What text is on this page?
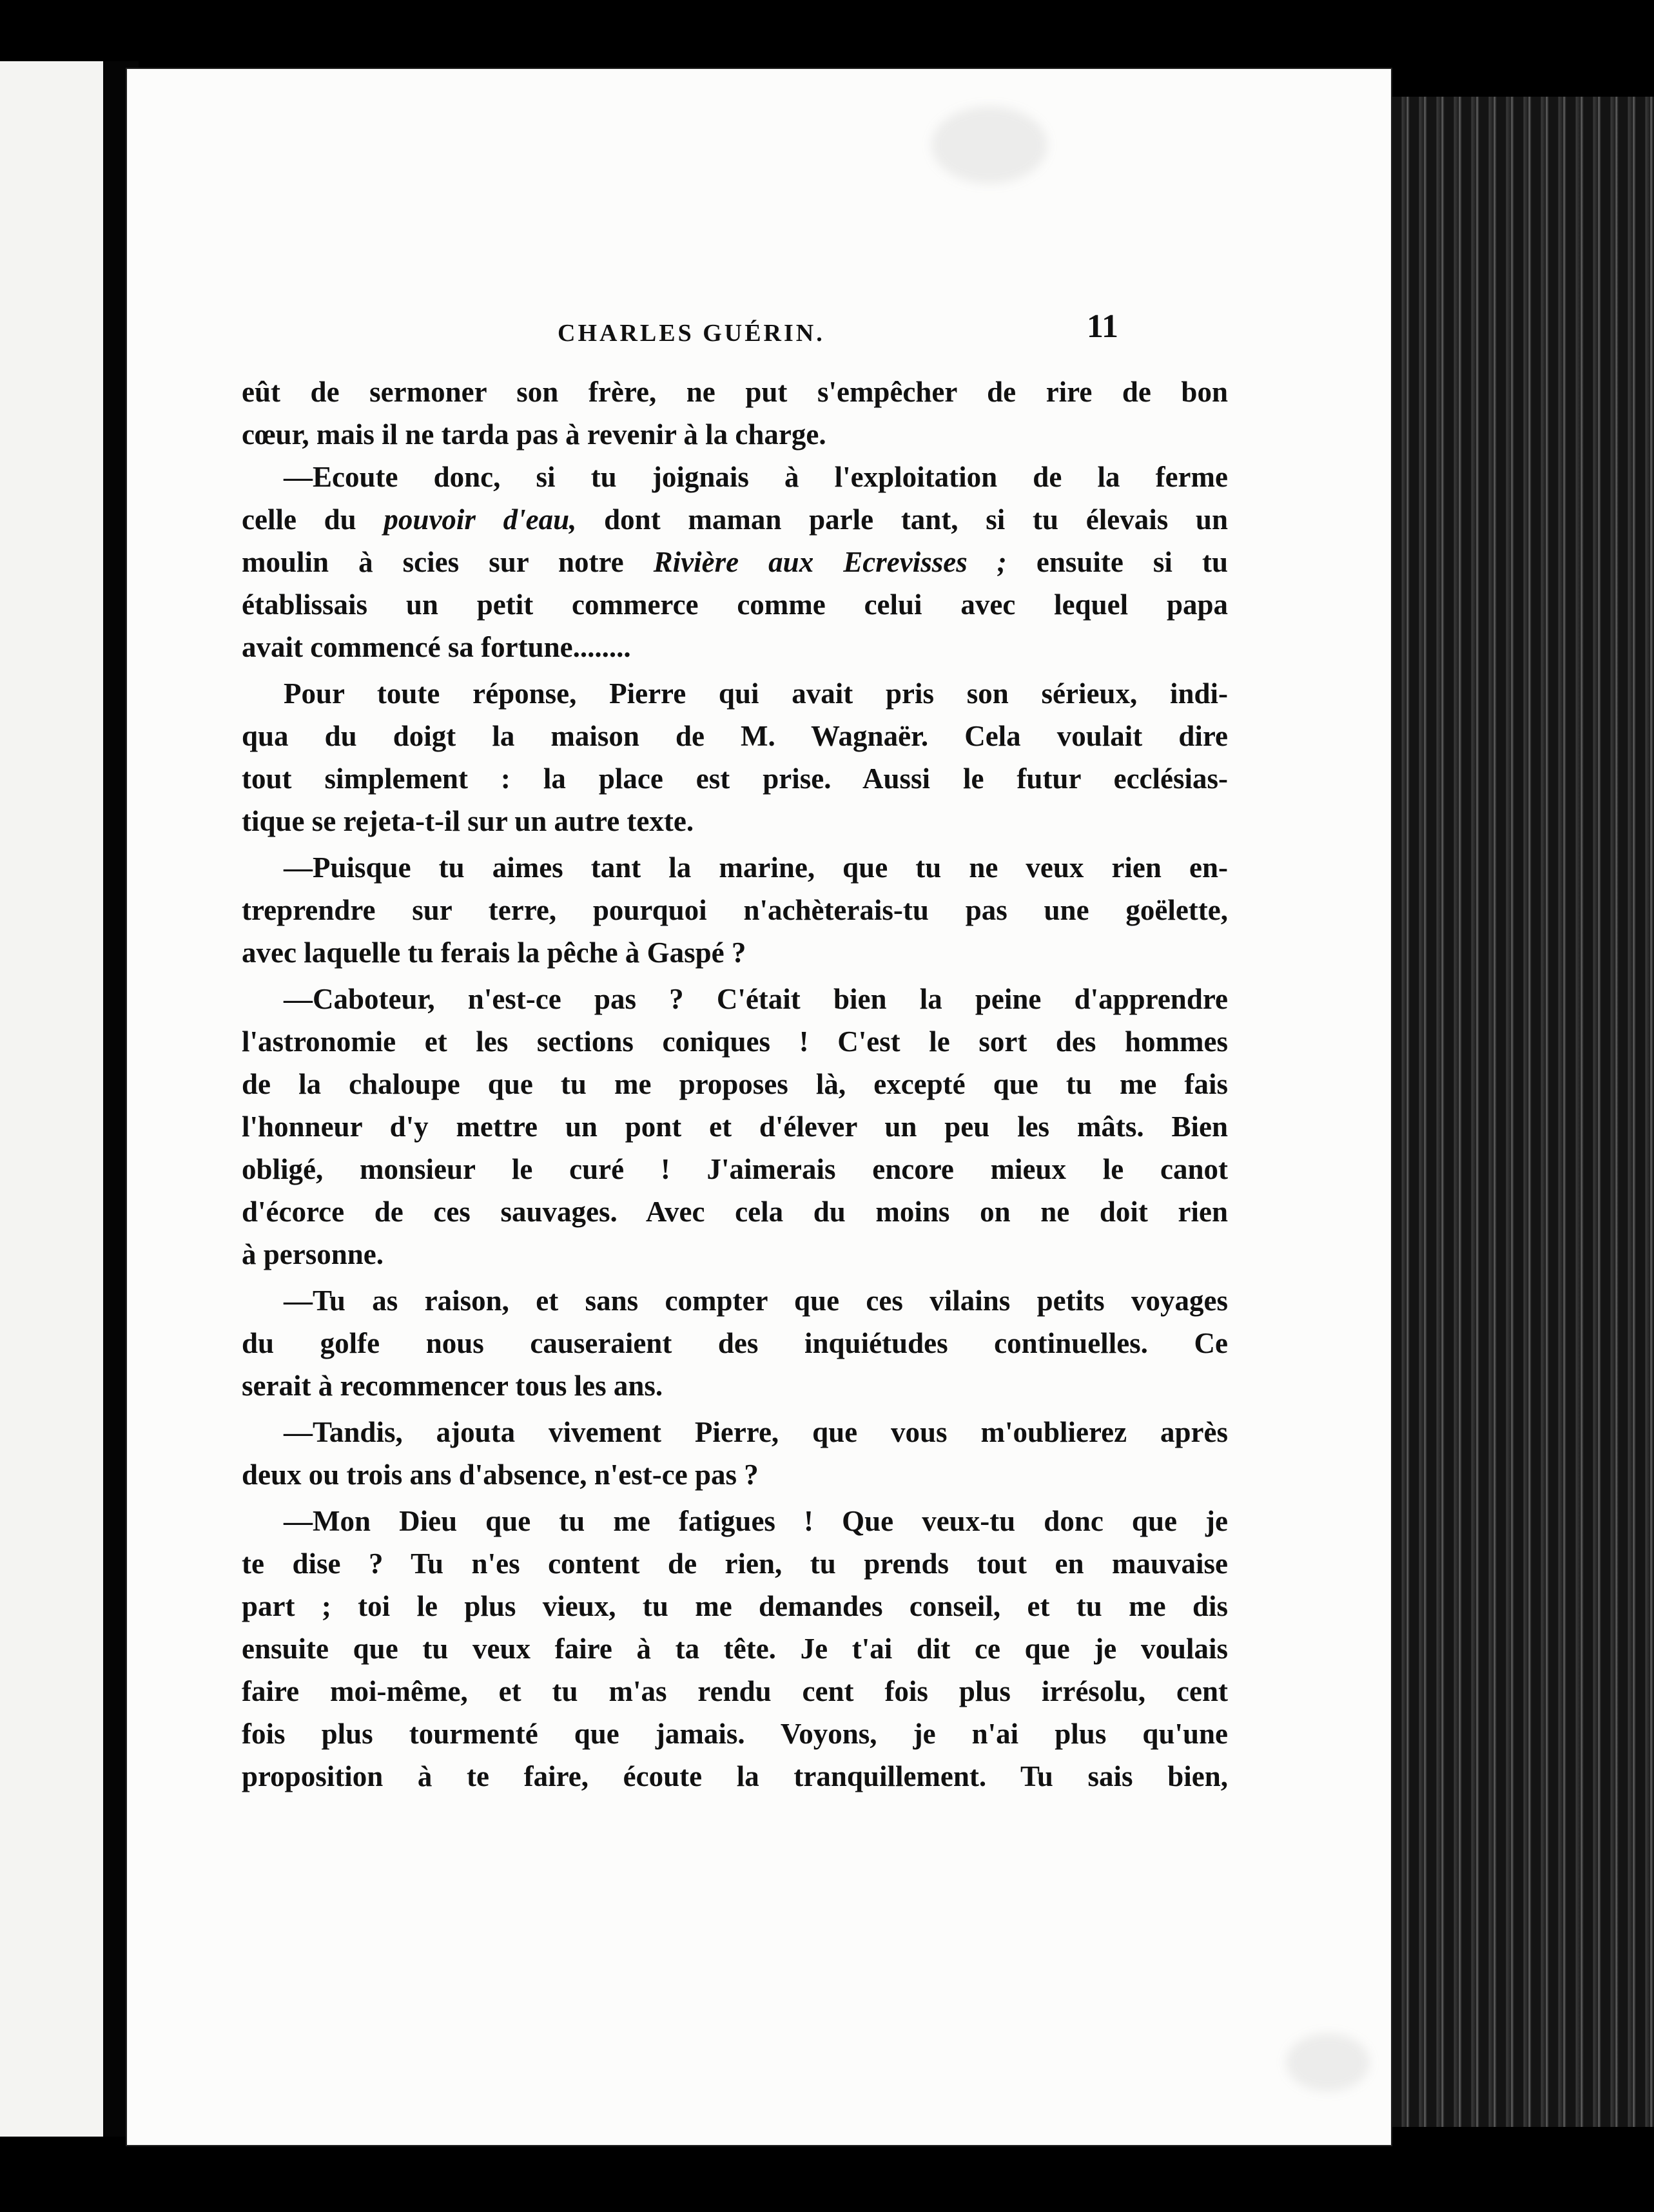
CHARLES GUÉRIN.	11
eût de sermoner son frère, ne put s'empêcher de rire de bon
cœur, mais il ne tarda pas à revenir à la charge.
—Ecoute donc, si tu joignais à l'exploitation de la ferme
celle du pouvoir d'eau, dont maman parle tant, si tu élevais un
moulin à scies sur notre Rivière aux Ecrevisses ; ensuite si tu
établissais un petit commerce comme celui avec lequel papa
avait commencé sa fortune........
Pour toute réponse, Pierre qui avait pris son sérieux, indi-
qua du doigt la maison de M. Wagnaër. Cela voulait dire
tout simplement : la place est prise. Aussi le futur ecclésias-
tique se rejeta-t-il sur un autre texte.
—Puisque tu aimes tant la marine, que tu ne veux rien en-
treprendre sur terre, pourquoi n'achèterais-tu pas une goëlette,
avec laquelle tu ferais la pêche à Gaspé ?
—Caboteur, n'est-ce pas ? C'était bien la peine d'apprendre
l'astronomie et les sections coniques ! C'est le sort des hommes
de la chaloupe que tu me proposes là, excepté que tu me fais
l'honneur d'y mettre un pont et d'élever un peu les mâts. Bien
obligé, monsieur le curé ! J'aimerais encore mieux le canot
d'écorce de ces sauvages. Avec cela du moins on ne doit rien
à personne.
—Tu as raison, et sans compter que ces vilains petits voyages
du golfe nous causeraient des inquiétudes continuelles. Ce
serait à recommencer tous les ans.
—Tandis, ajouta vivement Pierre, que vous m'oublierez après
deux ou trois ans d'absence, n'est-ce pas ?
—Mon Dieu que tu me fatigues ! Que veux-tu donc que je
te dise ? Tu n'es content de rien, tu prends tout en mauvaise
part ; toi le plus vieux, tu me demandes conseil, et tu me dis
ensuite que tu veux faire à ta tête. Je t'ai dit ce que je voulais
faire moi-même, et tu m'as rendu cent fois plus irrésolu, cent
fois plus tourmenté que jamais. Voyons, je n'ai plus qu'une
proposition à te faire, écoute la tranquillement. Tu sais bien,
